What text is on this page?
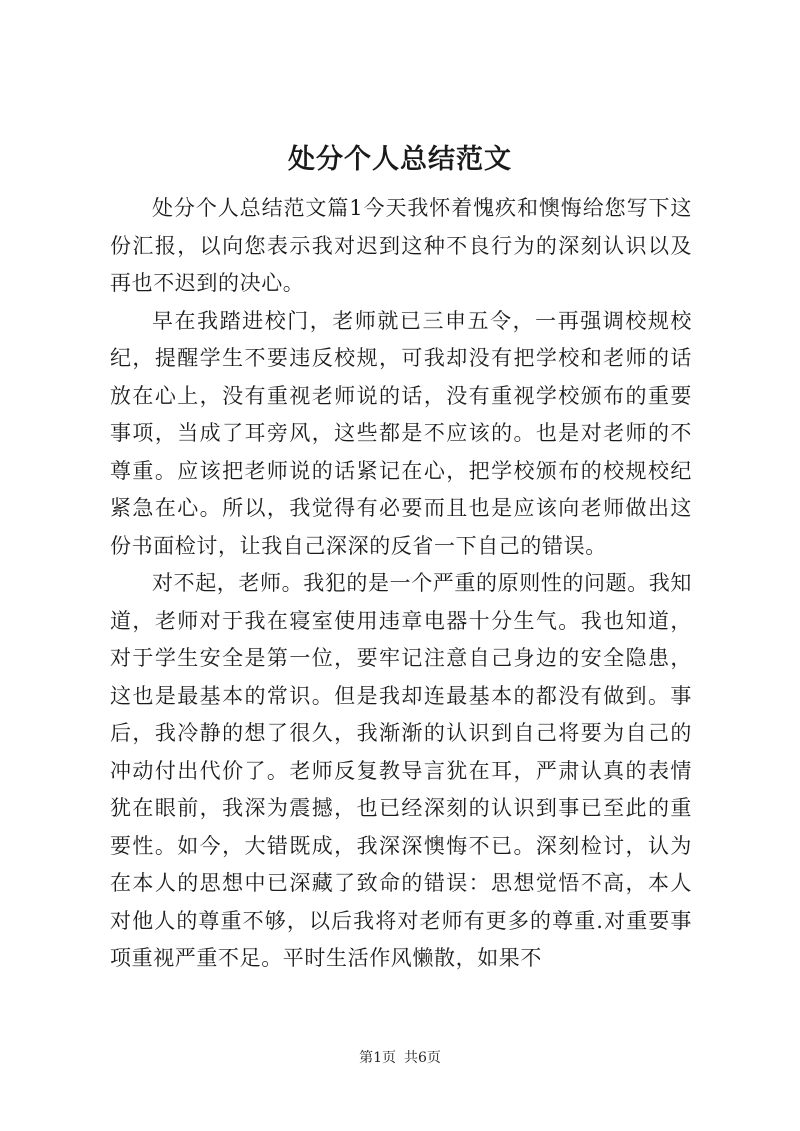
处分个人总结范文

处分个人总结范文篇1今天我怀着愧疚和懊悔给您写下这份汇报，以向您表示我对迟到这种不良行为的深刻认识以及再也不迟到的决心。

早在我踏进校门，老师就已三申五令，一再强调校规校纪，提醒学生不要违反校规，可我却没有把学校和老师的话放在心上，没有重视老师说的话，没有重视学校颁布的重要事项，当成了耳旁风，这些都是不应该的。也是对老师的不尊重。应该把老师说的话紧记在心，把学校颁布的校规校纪紧急在心。所以，我觉得有必要而且也是应该向老师做出这份书面检讨，让我自己深深的反省一下自己的错误。

对不起，老师。我犯的是一个严重的原则性的问题。我知道，老师对于我在寝室使用违章电器十分生气。我也知道，对于学生安全是第一位，要牢记注意自己身边的安全隐患，这也是最基本的常识。但是我却连最基本的都没有做到。事后，我冷静的想了很久，我渐渐的认识到自己将要为自己的冲动付出代价了。老师反复教导言犹在耳，严肃认真的表情犹在眼前，我深为震撼，也已经深刻的认识到事已至此的重要性。如今，大错既成，我深深懊悔不已。深刻检讨，认为在本人的思想中已深藏了致命的错误：思想觉悟不高，本人对他人的尊重不够，以后我将对老师有更多的尊重.对重要事项重视严重不足。平时生活作风懒散，如果不

第1页 共6页
